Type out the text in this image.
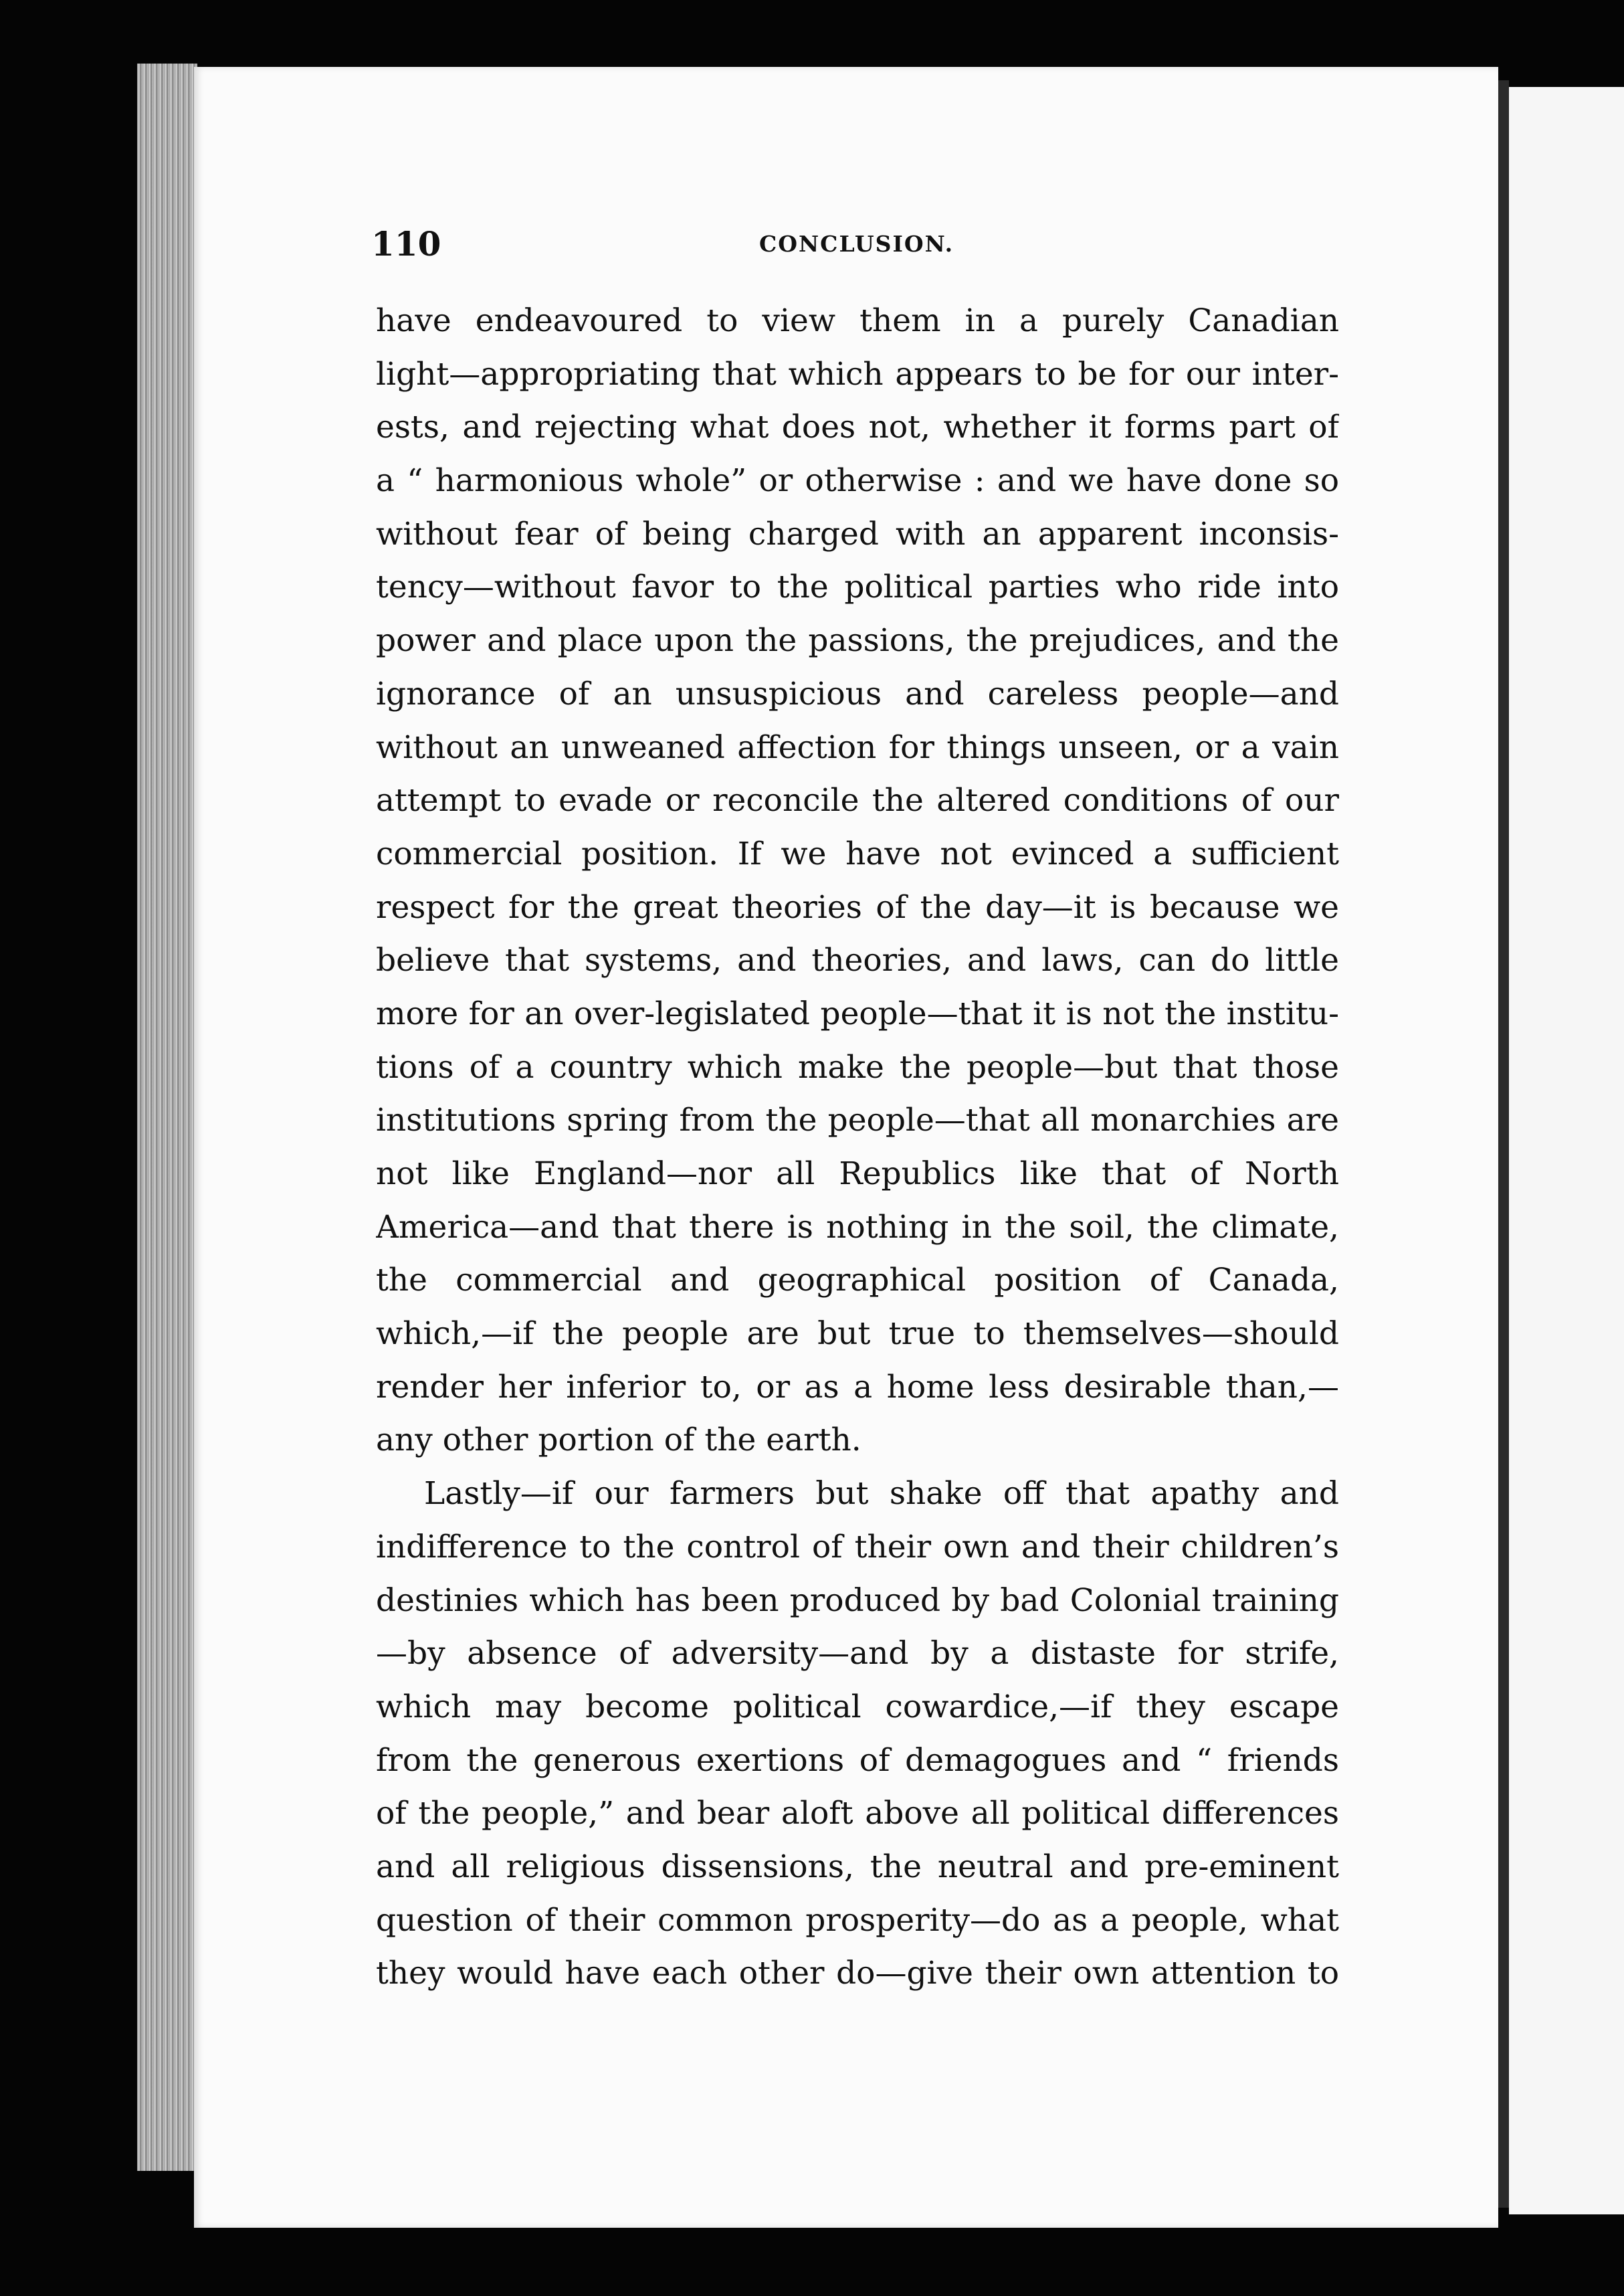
110	CONCLUSION.
have endeavoured to view them in a purely Canadian
light—appropriating that which appears to be for our inter-
ests, and rejecting what does not, whether it forms part of
a “ harmonious whole” or otherwise : and we have done so
without fear of being charged with an apparent inconsis-
tency—without favor to the political parties who ride into
power and place upon the passions, the prejudices, and the
ignorance of an unsuspicious and careless people—and
without an unweaned affection for things unseen, or a vain
attempt to evade or reconcile the altered conditions of our
commercial position. If we have not evinced a sufficient
respect for the great theories of the day—it is because we
believe that systems, and theories, and laws, can do little
more for an over-legislated people—that it is not the institu-
tions of a country which make the people—but that those
institutions spring from the people—that all monarchies are
not like England—nor all Republics like that of North
America—and that there is nothing in the soil, the climate,
the commercial and geographical position of Canada,
which,—if the people are but true to themselves—should
render her inferior to, or as a home less desirable than,—
any other portion of the earth.
Lastly—if our farmers but shake off that apathy and
indifference to the control of their own and their children’s
destinies which has been produced by bad Colonial training
—by absence of adversity—and by a distaste for strife,
which may become political cowardice,—if they escape
from the generous exertions of demagogues and “ friends
of the people,” and bear aloft above all political differences
and all religious dissensions, the neutral and pre-eminent
question of their common prosperity—do as a people, what
they would have each other do—give their own attention to
